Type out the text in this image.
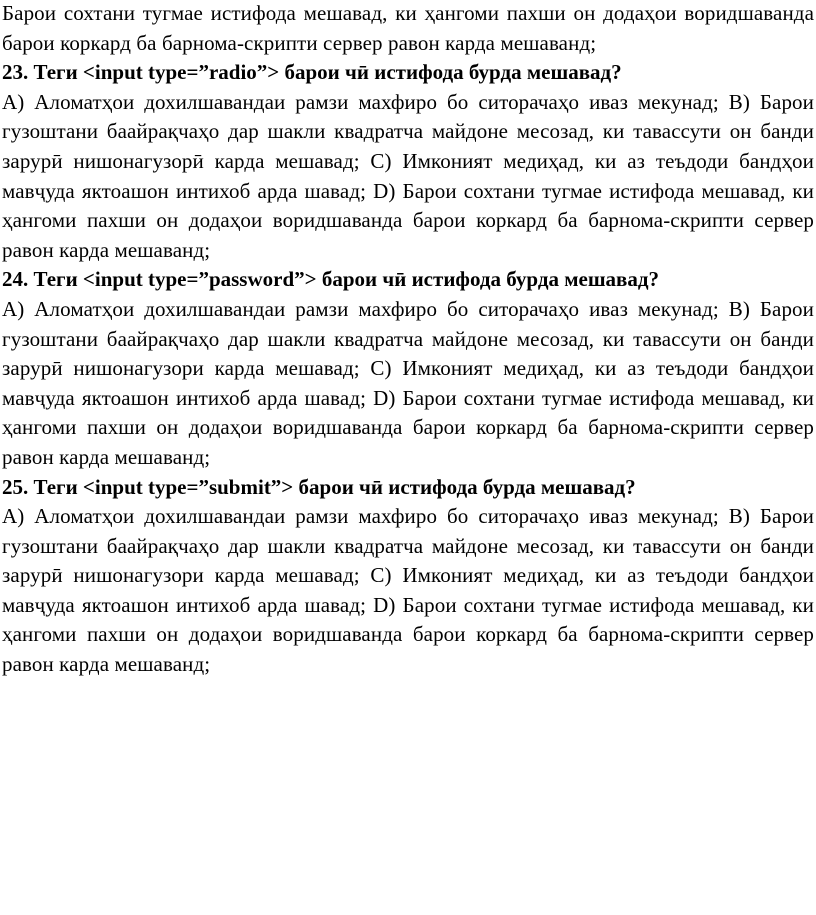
Барои сохтани тугмае истифода мешавад, ки ҳангоми пахши он додаҳои воридшаванда барои коркард ба барнома-скрипти сервер равон карда мешаванд;

23. Теги <input type=”radio”> барои чӣ истифода бурда мешавад?

А) Аломатҳои дохилшавандаи рамзи махфиро бо ситорачаҳо иваз мекунад; B) Барои гузоштани баайрақчаҳо дар шакли квадратча майдоне месозад, ки тавассути он банди зарурӣ нишонагузорӣ карда мешавад; C) Имконият медиҳад, ки аз теъдоди бандҳои мавҷуда яктоашон интихоб арда шавад; D) Барои сохтани тугмае истифода мешавад, ки ҳангоми пахши он додаҳои воридшаванда барои коркард ба барнома-скрипти сервер равон карда мешаванд;

24. Теги <input type=”password”> барои чӣ истифода бурда мешавад?

А) Аломатҳои дохилшавандаи рамзи махфиро бо ситорачаҳо иваз мекунад; B) Барои гузоштани баайрақчаҳо дар шакли квадратча майдоне месозад, ки тавассути он банди зарурӣ нишонагузори карда мешавад; C) Имконият медиҳад, ки аз теъдоди бандҳои мавҷуда яктоашон интихоб арда шавад; D) Барои сохтани тугмае истифода мешавад, ки ҳангоми пахши он додаҳои воридшаванда барои коркард ба барнома-скрипти сервер равон карда мешаванд;

25. Теги <input type=”submit”> барои чӣ истифода бурда мешавад?

А) Аломатҳои дохилшавандаи рамзи махфиро бо ситорачаҳо иваз мекунад; B) Барои гузоштани баайрақчаҳо дар шакли квадратча майдоне месозад, ки тавассути он банди зарурӣ нишонагузори карда мешавад; C) Имконият медиҳад, ки аз теъдоди бандҳои мавҷуда яктоашон интихоб арда шавад; D) Барои сохтани тугмае истифода мешавад, ки ҳангоми пахши он додаҳои воридшаванда барои коркард ба барнома-скрипти сервер равон карда мешаванд;
